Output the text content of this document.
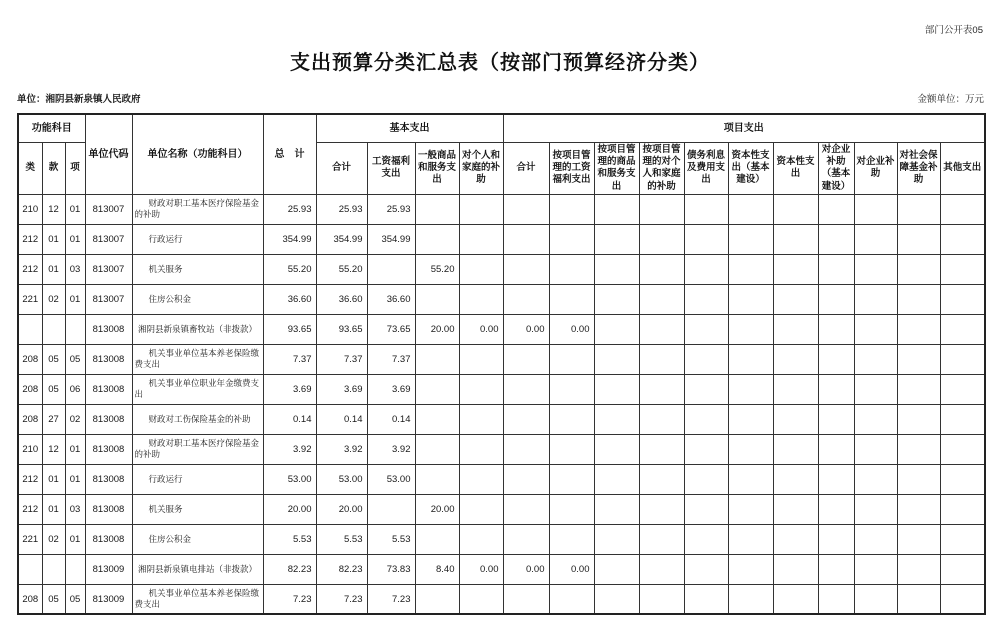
部门公开表05
支出预算分类汇总表（按部门预算经济分类）
单位：湘阴县新泉镇人民政府	金额单位：万元
功能科目			单位代码	单位名称（功能科目）	总　计	基本支出				项目支出										
类	款	项				合计	工资福利支出	一般商品和服务支出	对个人和家庭的补助	合计	按项目管理的工资福利支出	按项目管理的商品和服务支出	按项目管理的对个人和家庭的补助	债务利息及费用支出	资本性支出（基本建设）	资本性支出	对企业补助（基本建设）	对企业补助	对社会保障基金补助	其他支出
210	12	01	813007	财政对职工基本医疗保险基金的补助	25.93	25.93	25.93													
212	01	01	813007	行政运行	354.99	354.99	354.99													
212	01	03	813007	机关服务	55.20	55.20		55.20												
221	02	01	813007	住房公积金	36.60	36.60	36.60													
			813008	湘阴县新泉镇畜牧站（非拨款）	93.65	93.65	73.65	20.00	0.00	0.00	0.00									
208	05	05	813008	机关事业单位基本养老保险缴费支出	7.37	7.37	7.37													
208	05	06	813008	机关事业单位职业年金缴费支出	3.69	3.69	3.69													
208	27	02	813008	财政对工伤保险基金的补助	0.14	0.14	0.14													
210	12	01	813008	财政对职工基本医疗保险基金的补助	3.92	3.92	3.92													
212	01	01	813008	行政运行	53.00	53.00	53.00													
212	01	03	813008	机关服务	20.00	20.00		20.00												
221	02	01	813008	住房公积金	5.53	5.53	5.53													
			813009	湘阴县新泉镇电排站（非拨款）	82.23	82.23	73.83	8.40	0.00	0.00	0.00									
208	05	05	813009	机关事业单位基本养老保险缴费支出	7.23	7.23	7.23													
